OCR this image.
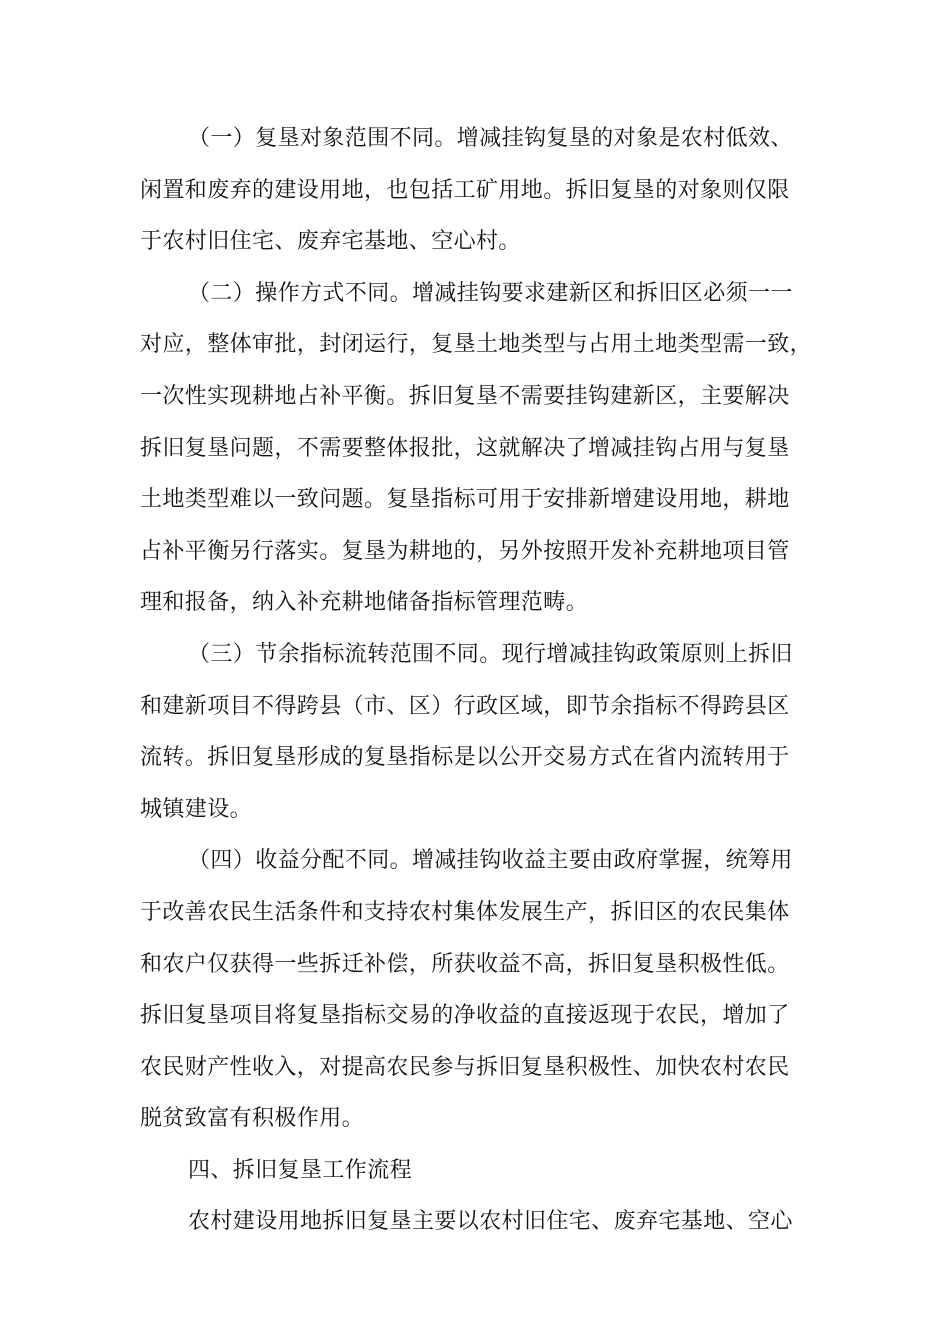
（一）复垦对象范围不同。增减挂钩复垦的对象是农村低效、
闲置和废弃的建设用地，也包括工矿用地。拆旧复垦的对象则仅限
于农村旧住宅、废弃宅基地、空心村。

（二）操作方式不同。增减挂钩要求建新区和拆旧区必须一一
对应，整体审批，封闭运行，复垦土地类型与占用土地类型需一致，
一次性实现耕地占补平衡。拆旧复垦不需要挂钩建新区，主要解决
拆旧复垦问题，不需要整体报批，这就解决了增减挂钩占用与复垦
土地类型难以一致问题。复垦指标可用于安排新增建设用地，耕地
占补平衡另行落实。复垦为耕地的，另外按照开发补充耕地项目管
理和报备，纳入补充耕地储备指标管理范畴。

（三）节余指标流转范围不同。现行增减挂钩政策原则上拆旧
和建新项目不得跨县（市、区）行政区域，即节余指标不得跨县区
流转。拆旧复垦形成的复垦指标是以公开交易方式在省内流转用于
城镇建设。

（四）收益分配不同。增减挂钩收益主要由政府掌握，统筹用
于改善农民生活条件和支持农村集体发展生产，拆旧区的农民集体
和农户仅获得一些拆迁补偿，所获收益不高，拆旧复垦积极性低。
拆旧复垦项目将复垦指标交易的净收益的直接返现于农民，增加了
农民财产性收入，对提高农民参与拆旧复垦积极性、加快农村农民
脱贫致富有积极作用。

四、拆旧复垦工作流程

农村建设用地拆旧复垦主要以农村旧住宅、废弃宅基地、空心
